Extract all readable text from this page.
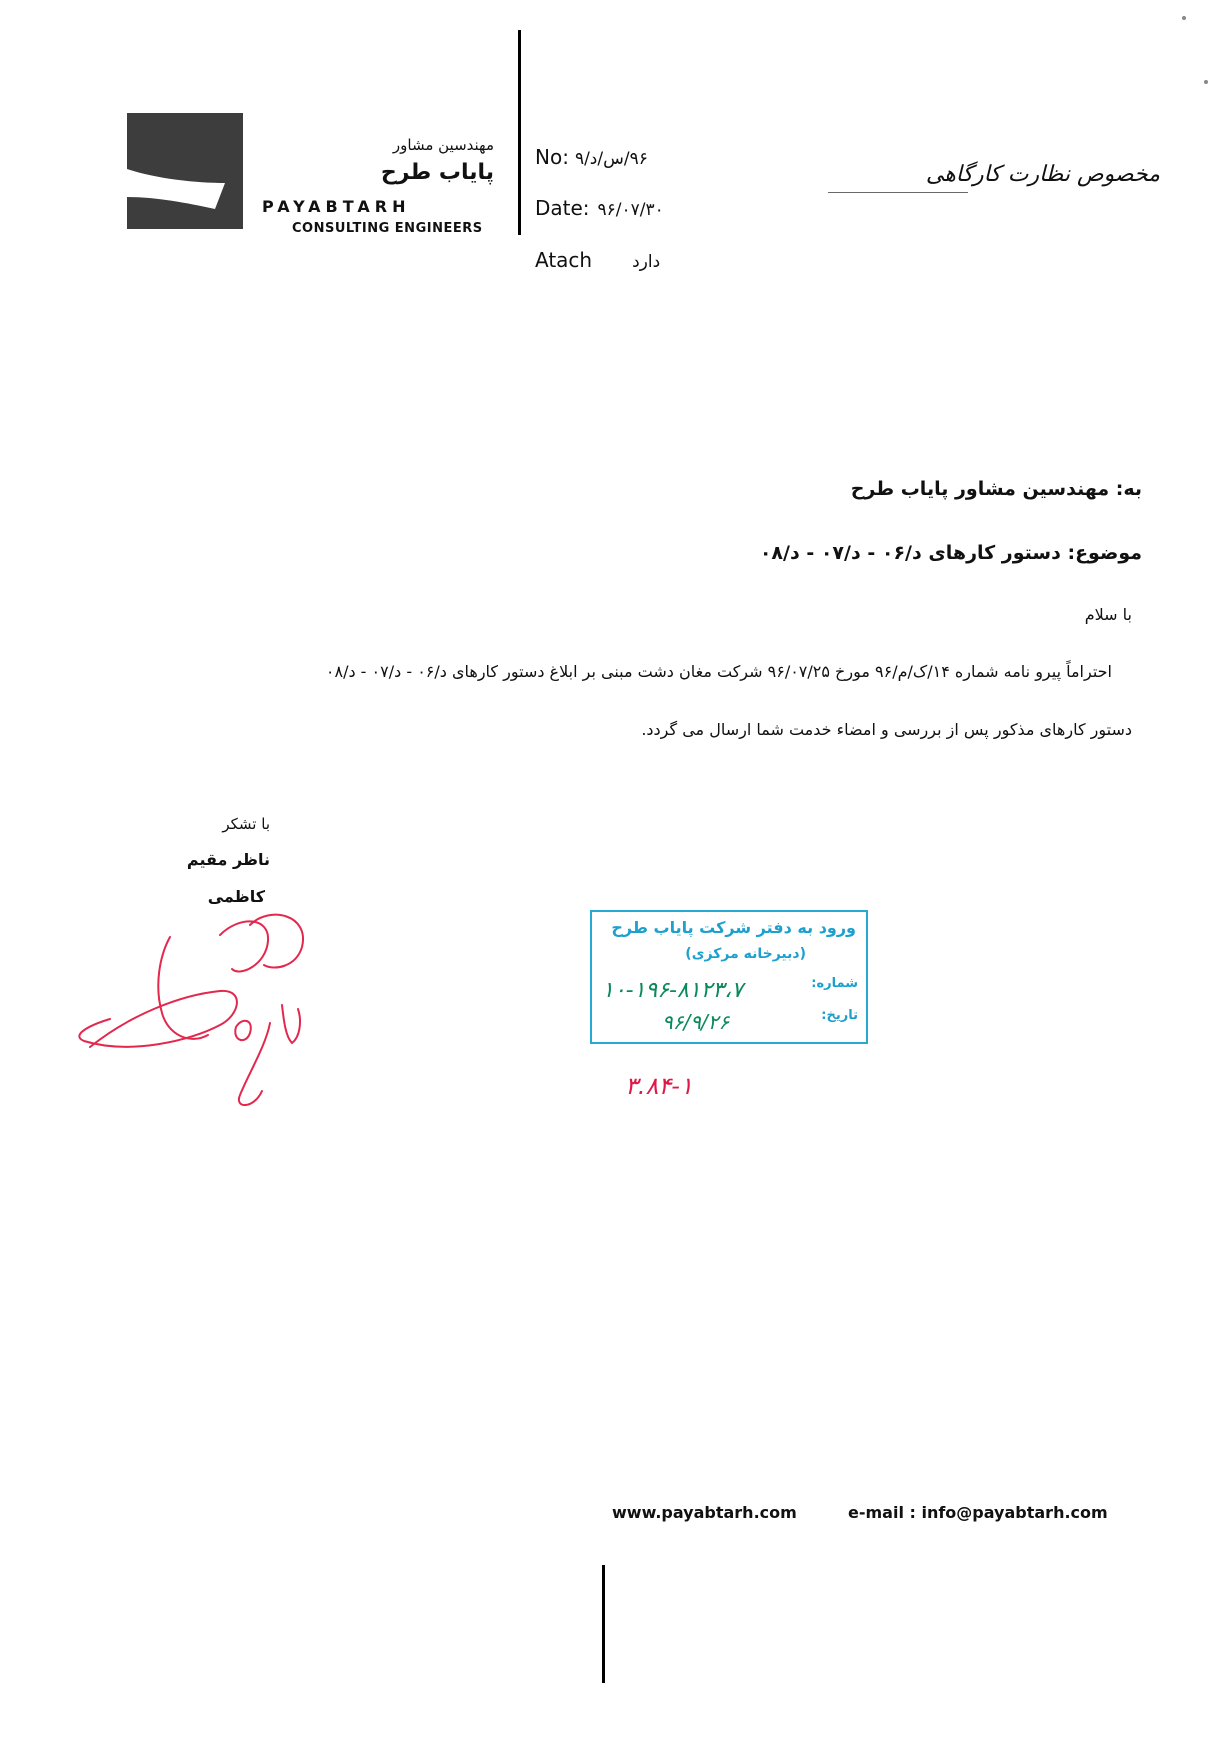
مهندسین مشاور
پایاب طرح
PAYABTARH
CONSULTING ENGINEERS
No: ۹۶/س/د/۹
Date: ۹۶/۰۷/۳۰
Atach دارد
مخصوص نظارت کارگاهی
به: مهندسین مشاور پایاب طرح
موضوع: دستور کارهای د/۰۶ - د/۰۷ - د/۰۸
با سلام
احتراماً پیرو نامه شماره ۱۴/ک/م/۹۶ مورخ ۹۶/۰۷/۲۵ شرکت مغان دشت مبنی بر ابلاغ دستور کارهای د/۰۶ - د/۰۷ - د/۰۸
دستور کارهای مذکور پس از بررسی و امضاء خدمت شما ارسال می گردد.
با تشکر
ناظر مقیم
کاظمی
ورود به دفتر شرکت پایاب طرح
(دبیرخانه مرکزی)
شماره:
۱۰-۱۹۶-۸۱۲۳،۷
تاریخ:
۹۶/۹/۲۶
۳.۸۴-۱
www.payabtarh.com	e-mail : info@payabtarh.com
